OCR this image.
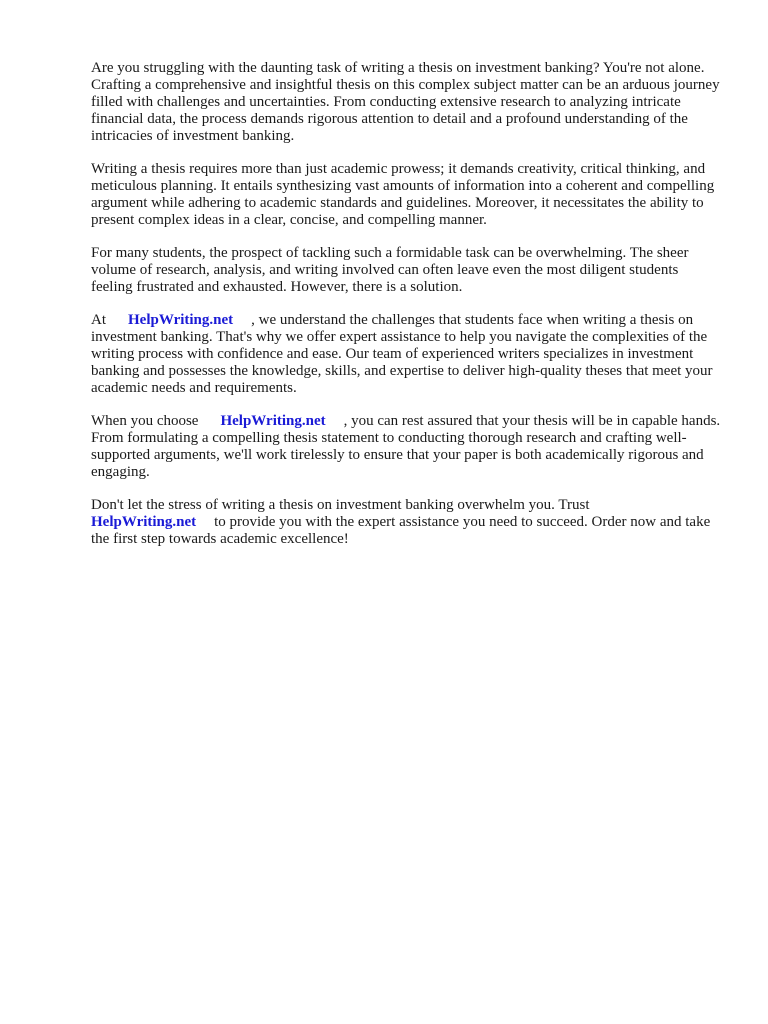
Are you struggling with the daunting task of writing a thesis on investment banking? You're not alone. Crafting a comprehensive and insightful thesis on this complex subject matter can be an arduous journey filled with challenges and uncertainties. From conducting extensive research to analyzing intricate financial data, the process demands rigorous attention to detail and a profound understanding of the intricacies of investment banking.

Writing a thesis requires more than just academic prowess; it demands creativity, critical thinking, and meticulous planning. It entails synthesizing vast amounts of information into a coherent and compelling argument while adhering to academic standards and guidelines. Moreover, it necessitates the ability to present complex ideas in a clear, concise, and compelling manner.

For many students, the prospect of tackling such a formidable task can be overwhelming. The sheer volume of research, analysis, and writing involved can often leave even the most diligent students feeling frustrated and exhausted. However, there is a solution.

At HelpWriting.net , we understand the challenges that students face when writing a thesis on investment banking. That's why we offer expert assistance to help you navigate the complexities of the writing process with confidence and ease. Our team of experienced writers specializes in investment banking and possesses the knowledge, skills, and expertise to deliver high-quality theses that meet your academic needs and requirements.

When you choose HelpWriting.net , you can rest assured that your thesis will be in capable hands. From formulating a compelling thesis statement to conducting thorough research and crafting well-supported arguments, we'll work tirelessly to ensure that your paper is both academically rigorous and engaging.

Don't let the stress of writing a thesis on investment banking overwhelm you. Trust HelpWriting.net to provide you with the expert assistance you need to succeed. Order now and take the first step towards academic excellence!
